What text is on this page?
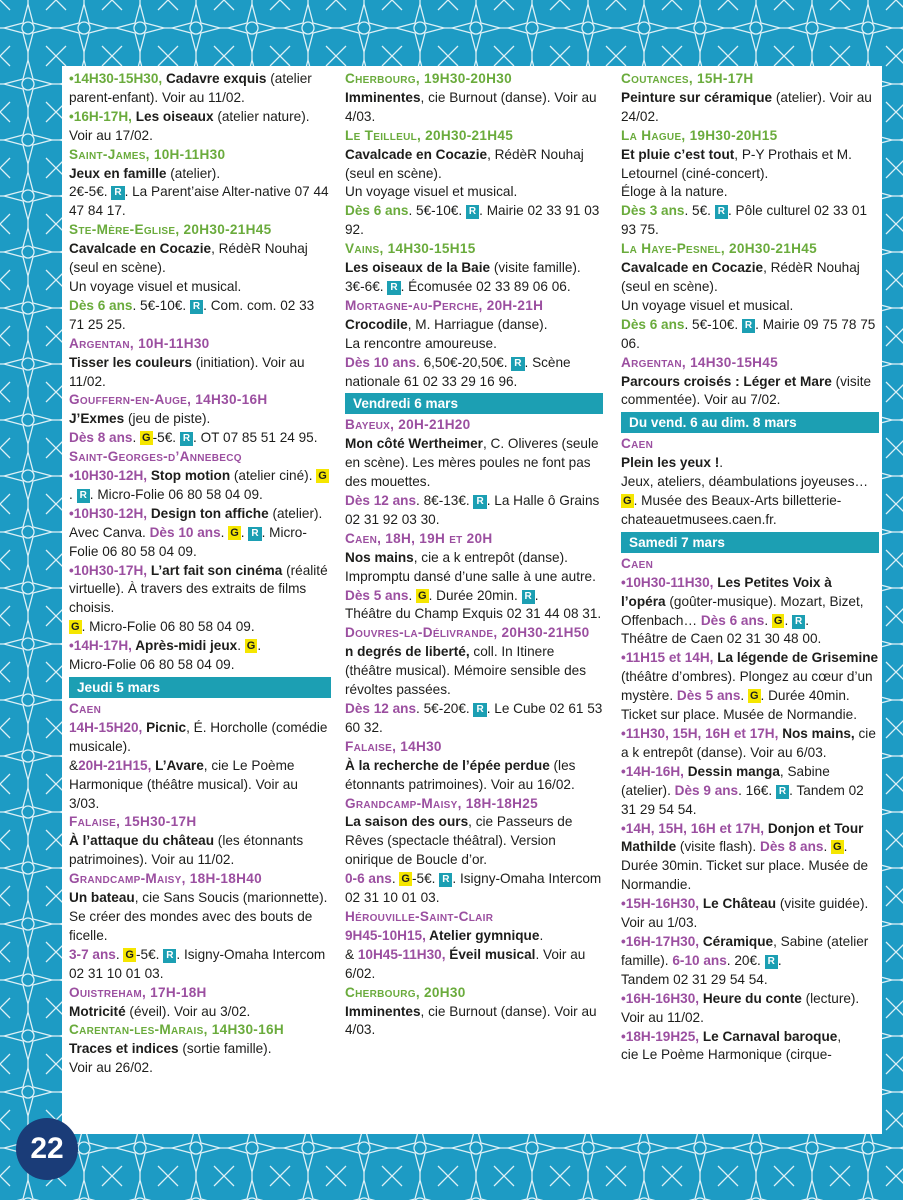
•14H30-15H30, Cadavre exquis (atelier parent-enfant). Voir au 11/02.

•16H-17H, Les oiseaux (atelier nature). Voir au 17/02.

Saint-James, 10H-11H30

Jeux en famille (atelier).

2€-5€. R . La Parent’aise Alter-native 07 44 47 84 17.

Ste-Mère-Eglise, 20H30-21H45

Cavalcade en Cocazie, RédèR Nouhaj (seul en scène).

Un voyage visuel et musical.

Dès 6 ans. 5€-10€. R . Com. com. 02 33 71 25 25.

Argentan, 10H-11H30

Tisser les couleurs (initiation). Voir au 11/02.

Gouffern-en-Auge, 14H30-16H

J’Exmes (jeu de piste).

Dès 8 ans. G -5€. R . OT 07 85 51 24 95.

Saint-Georges-d’Annebecq

•10H30-12H, Stop motion (atelier ciné). G. R . Micro-Folie 06 80 58 04 09.

•10H30-12H, Design ton affiche (atelier). Avec Canva. Dès 10 ans. G . R . Micro-Folie 06 80 58 04 09.

•10H30-17H, L’art fait son cinéma (réalité virtuelle). À travers des extraits de films choisis.

G . Micro-Folie 06 80 58 04 09.

•14H-17H, Après-midi jeux. G .

Micro-Folie 06 80 58 04 09.

Jeudi 5 mars

Caen

14H-15H20, Picnic, É. Horcholle (comédie musicale).

&20H-21H15, L’Avare, cie Le Poème Harmonique (théâtre musical). Voir au 3/03.

Falaise, 15H30-17H

À l’attaque du château (les étonnants patrimoines). Voir au 11/02.

Grandcamp-Maisy, 18H-18H40

Un bateau, cie Sans Soucis (marionnette). Se créer des mondes avec des bouts de ficelle.

3-7 ans. G -5€. R . Isigny-Omaha Intercom 02 31 10 01 03.

Ouistreham, 17H-18H

Motricité (éveil). Voir au 3/02.

Carentan-les-Marais, 14H30-16H

Traces et indices (sortie famille).

Voir au 26/02.

Cherbourg, 19H30-20H30

Imminentes, cie Burnout (danse). Voir au 4/03.

Le Teilleul, 20H30-21H45

Cavalcade en Cocazie, RédèR Nouhaj (seul en scène).

Un voyage visuel et musical.

Dès 6 ans. 5€-10€. R . Mairie 02 33 91 03 92.

Vains, 14H30-15H15

Les oiseaux de la Baie (visite famille). 3€-6€. R . Écomusée 02 33 89 06 06.

Mortagne-au-Perche, 20H-21H

Crocodile, M. Harriague (danse).

La rencontre amoureuse.

Dès 10 ans. 6,50€-20,50€. R . Scène nationale 61 02 33 29 16 96.

Vendredi 6 mars

Bayeux, 20H-21H20

Mon côté Wertheimer, C. Oliveres (seule en scène). Les mères poules ne font pas des mouettes.

Dès 12 ans. 8€-13€. R . La Halle ô Grains 02 31 92 03 30.

Caen, 18H, 19H et 20H

Nos mains, cie a k entrepôt (danse). Impromptu dansé d’une salle à une autre.

Dès 5 ans. G . Durée 20min. R .

Théâtre du Champ Exquis 02 31 44 08 31.

Douvres-la-Délivrande, 20H30-21H50

n degrés de liberté, coll. In Itinere (théâtre musical). Mémoire sensible des révoltes passées.

Dès 12 ans. 5€-20€. R . Le Cube 02 61 53 60 32.

Falaise, 14H30

À la recherche de l’épée perdue (les étonnants patrimoines). Voir au 16/02.

Grandcamp-Maisy, 18H-18H25

La saison des ours, cie Passeurs de Rêves (spectacle théâtral). Version onirique de Boucle d’or.

0-6 ans. G -5€. R . Isigny-Omaha Intercom 02 31 10 01 03.

Hérouville-Saint-Clair

9H45-10H15, Atelier gymnique.

& 10H45-11H30, Éveil musical. Voir au 6/02.

Cherbourg, 20H30

Imminentes, cie Burnout (danse). Voir au 4/03.

Coutances, 15H-17H

Peinture sur céramique (atelier). Voir au 24/02.

La Hague, 19H30-20H15

Et pluie c’est tout, P-Y Prothais et M. Letournel (ciné-concert).

Éloge à la nature.

Dès 3 ans. 5€. R . Pôle culturel 02 33 01 93 75.

La Haye-Pesnel, 20H30-21H45

Cavalcade en Cocazie, RédèR Nouhaj (seul en scène).

Un voyage visuel et musical.

Dès 6 ans. 5€-10€. R . Mairie 09 75 78 75 06.

Argentan, 14H30-15H45

Parcours croisés : Léger et Mare (visite commentée). Voir au 7/02.

Du vend. 6 au dim. 8 mars

Caen

Plein les yeux !.

Jeux, ateliers, déambulations joyeuses…

G . Musée des Beaux-Arts billetterie-chateauetmusees.caen.fr.

Samedi 7 mars

Caen

•10H30-11H30, Les Petites Voix à l’opéra (goûter-musique). Mozart, Bizet, Offenbach… Dès 6 ans. G . R .

Théâtre de Caen 02 31 30 48 00.

•11H15 et 14H, La légende de Grisemine (théâtre d’ombres). Plongez au cœur d’un mystère. Dès 5 ans. G . Durée 40min. Ticket sur place. Musée de Normandie.

•11H30, 15H, 16H et 17H, Nos mains, cie a k entrepôt (danse). Voir au 6/03.

•14H-16H, Dessin manga, Sabine (atelier). Dès 9 ans. 16€. R . Tandem 02 31 29 54 54.

•14H, 15H, 16H et 17H, Donjon et Tour Mathilde (visite flash). Dès 8 ans. G . Durée 30min. Ticket sur place. Musée de Normandie.

•15H-16H30, Le Château (visite guidée). Voir au 1/03.

•16H-17H30, Céramique, Sabine (atelier famille). 6-10 ans. 20€. R .

Tandem 02 31 29 54 54.

•16H-16H30, Heure du conte (lecture). Voir au 11/02.

•18H-19H25, Le Carnaval baroque,

cie Le Poème Harmonique (cirque-

22
